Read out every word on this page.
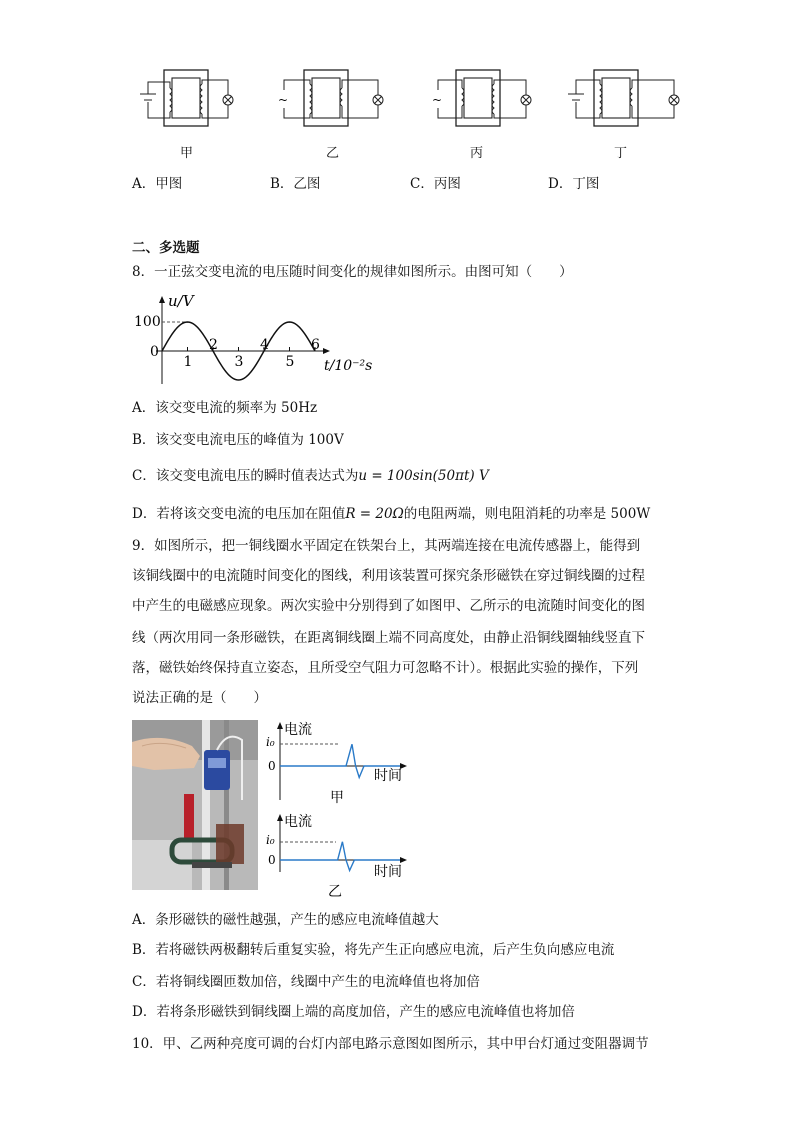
~	~
甲	乙	丙	丁
A．甲图	B．乙图	C．丙图	D．丁图
二、多选题
8．一正弦交变电流的电压随时间变化的规律如图所示。由图可知（　　）
u/V
100
0
t/10⁻²s
1
2
3
4
5
6
A．该交变电流的频率为 50Hz
B．该交变电流电压的峰值为 100V
C．该交变电流电压的瞬时值表达式为u = 100sin(50πt) V
D．若将该交变电流的电压加在阻值R = 20Ω的电阻两端，则电阻消耗的功率是 500W
9．如图所示，把一铜线圈水平固定在铁架台上，其两端连接在电流传感器上，能得到
该铜线圈中的电流随时间变化的图线，利用该装置可探究条形磁铁在穿过铜线圈的过程
中产生的电磁感应现象。两次实验中分别得到了如图甲、乙所示的电流随时间变化的图
线（两次用同一条形磁铁，在距离铜线圈上端不同高度处，由静止沿铜线圈轴线竖直下
落，磁铁始终保持直立姿态，且所受空气阻力可忽略不计）。根据此实验的操作，下列
说法正确的是（　　）
电流
i₀
0
时间
甲
电流
i₀
0
时间
乙
A．条形磁铁的磁性越强，产生的感应电流峰值越大
B．若将磁铁两极翻转后重复实验，将先产生正向感应电流，后产生负向感应电流
C．若将铜线圈匝数加倍，线圈中产生的电流峰值也将加倍
D．若将条形磁铁到铜线圈上端的高度加倍，产生的感应电流峰值也将加倍
10．甲、乙两种亮度可调的台灯内部电路示意图如图所示，其中甲台灯通过变阻器调节
